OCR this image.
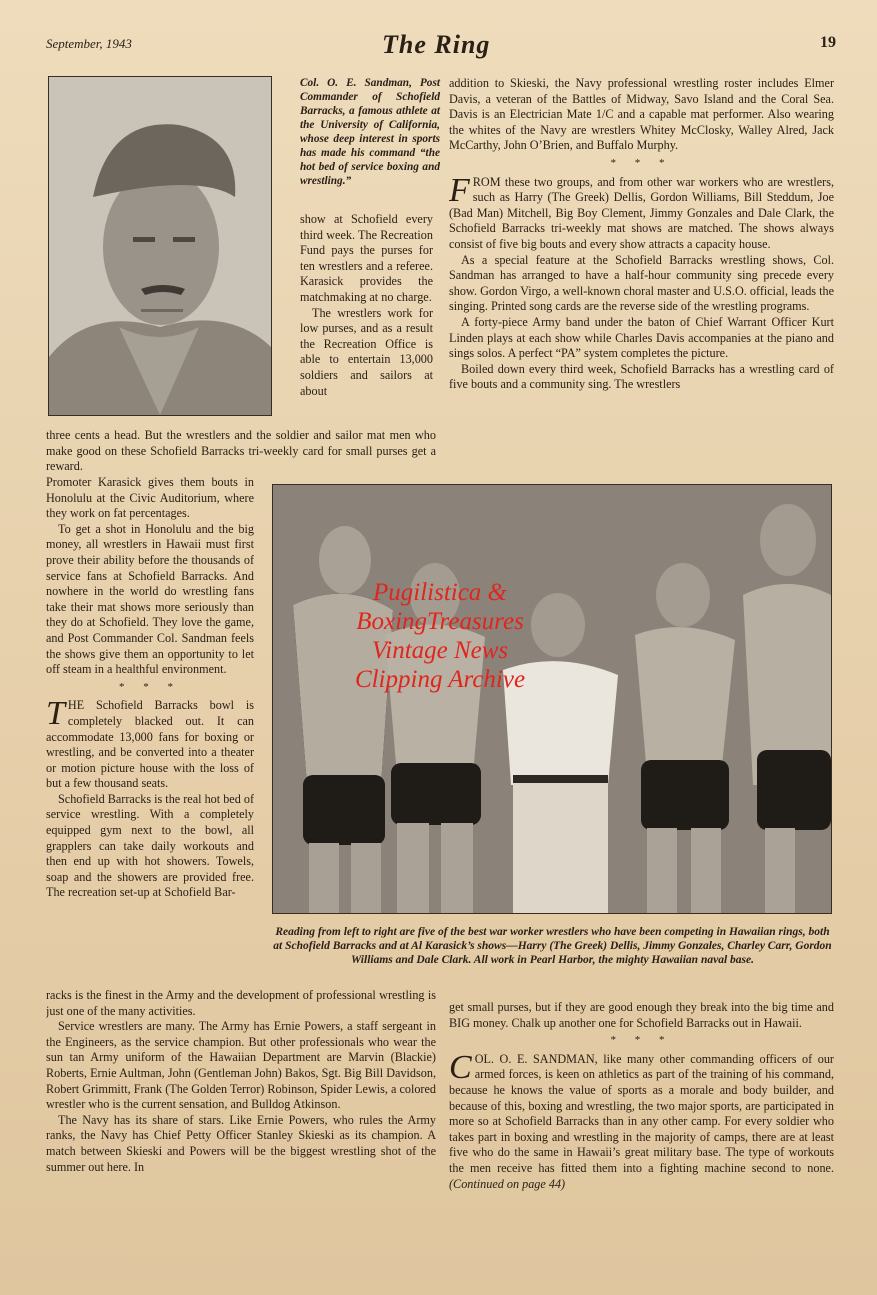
September, 1943	The Ring	19
Col. O. E. Sandman, Post Commander of Schofield Barracks, a famous athlete at the University of California, whose deep interest in sports has made his command “the hot bed of service boxing and wrestling.”

show at Schofield every third week. The Recreation Fund pays the purses for ten wrestlers and a referee. Karasick provides the matchmaking at no charge.

The wrestlers work for low purses, and as a result the Recreation Office is able to entertain 13,000 soldiers and sailors at about

three cents a head. But the wrestlers and the soldier and sailor mat men who make good on these Schofield Barracks tri-weekly card for small purses get a reward.

Promoter Karasick gives them bouts in Honolulu at the Civic Auditorium, where they work on fat percentages.

To get a shot in Honolulu and the big money, all wrestlers in Hawaii must first prove their ability before the thousands of service fans at Schofield Barracks. And nowhere in the world do wrestling fans take their mat shows more seriously than they do at Schofield. They love the game, and Post Commander Col. Sandman feels the shows give them an opportunity to let off steam in a healthful environment.

* * *

THE Schofield Barracks bowl is completely blacked out. It can accommodate 13,000 fans for boxing or wrestling, and be converted into a theater or motion picture house with the loss of but a few thousand seats.

Schofield Barracks is the real hot bed of service wrestling. With a completely equipped gym next to the bowl, all grapplers can take daily workouts and then end up with hot showers. Towels, soap and the showers are provided free. The recreation set-up at Schofield Bar-

racks is the finest in the Army and the development of professional wrestling is just one of the many activities.

Service wrestlers are many. The Army has Ernie Powers, a staff sergeant in the Engineers, as the service champion. But other professionals who wear the sun tan Army uniform of the Hawaiian Department are Marvin (Blackie) Roberts, Ernie Aultman, John (Gentleman John) Bakos, Sgt. Big Bill Davidson, Robert Grimmitt, Frank (The Golden Terror) Robinson, Spider Lewis, a colored wrestler who is the current sensation, and Bulldog Atkinson.

The Navy has its share of stars. Like Ernie Powers, who rules the Army ranks, the Navy has Chief Petty Officer Stanley Skieski as its champion. A match between Skieski and Powers will be the biggest wrestling shot of the summer out here. In

addition to Skieski, the Navy professional wrestling roster includes Elmer Davis, a veteran of the Battles of Midway, Savo Island and the Coral Sea. Davis is an Electrician Mate 1/C and a capable mat performer. Also wearing the whites of the Navy are wrestlers Whitey McClosky, Walley Alred, Jack McCarthy, John O’Brien, and Buffalo Murphy.

* * *

FROM these two groups, and from other war workers who are wrestlers, such as Harry (The Greek) Dellis, Gordon Williams, Bill Steddum, Joe (Bad Man) Mitchell, Big Boy Clement, Jimmy Gonzales and Dale Clark, the Schofield Barracks tri-weekly mat shows are matched. The shows always consist of five big bouts and every show attracts a capacity house.

As a special feature at the Schofield Barracks wrestling shows, Col. Sandman has arranged to have a half-hour community sing precede every show. Gordon Virgo, a well-known choral master and U.S.O. official, leads the singing. Printed song cards are the reverse side of the wrestling programs.

A forty-piece Army band under the baton of Chief Warrant Officer Kurt Linden plays at each show while Charles Davis accompanies at the piano and sings solos. A perfect “PA” system completes the picture.

Boiled down every third week, Schofield Barracks has a wrestling card of five bouts and a community sing. The wrestlers

Reading from left to right are five of the best war worker wrestlers who have been competing in Hawaiian rings, both at Schofield Barracks and at Al Karasick’s shows—Harry (The Greek) Dellis, Jimmy Gonzales, Charley Carr, Gordon Williams and Dale Clark. All work in Pearl Harbor, the mighty Hawaiian naval base.

get small purses, but if they are good enough they break into the big time and BIG money. Chalk up another one for Schofield Barracks out in Hawaii.

* * *

COL. O. E. SANDMAN, like many other commanding officers of our armed forces, is keen on athletics as part of the training of his command, because he knows the value of sports as a morale and body builder, and because of this, boxing and wrestling, the two major sports, are participated in more so at Schofield Barracks than in any other camp. For every soldier who takes part in boxing and wrestling in the majority of camps, there are at least five who do the same in Hawaii’s great military base. The type of workouts the men receive has fitted them into a fighting machine second to none. (Continued on page 44)

Pugilistica &
BoxingTreasures
Vintage News
Clipping Archive
